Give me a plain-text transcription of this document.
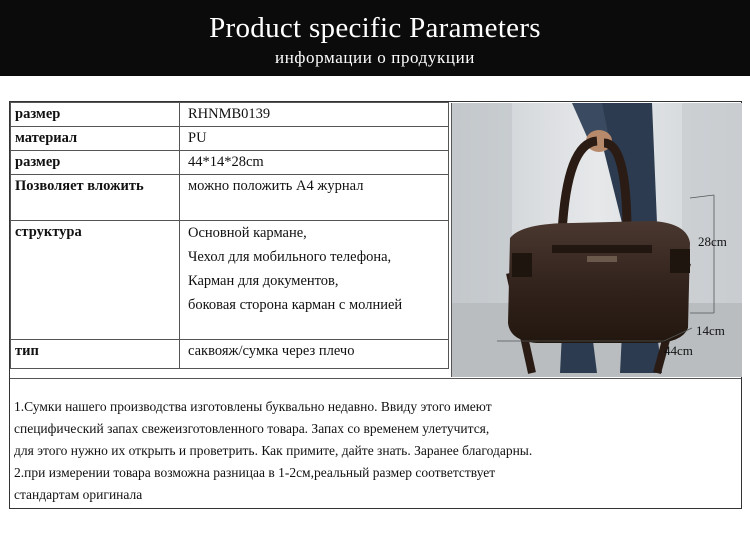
Product specific Parameters
информации о продукции
размер	RHNMB0139
материал	PU
размер	44*14*28cm
Позволяет вложить	можно положить А4 журнал
структура	Основной кармане,
Чехол для мобильного телефона,
Карман для документов,
боковая сторона карман с молнией

тип	саквояж/сумка через плечо
28cm
14cm
44cm
1.Сумки нашего производства изготовлены буквально недавно. Ввиду этого имеют
специфический запах свежеизготовленного товара. Запах со временем улетучится,
для этого нужно их открыть и проветрить. Как примите, дайте знать. Заранее благодарны.
2.при измерении товара возможна разницаа в 1-2см,реальный размер соответствует
стандартам оригинала
